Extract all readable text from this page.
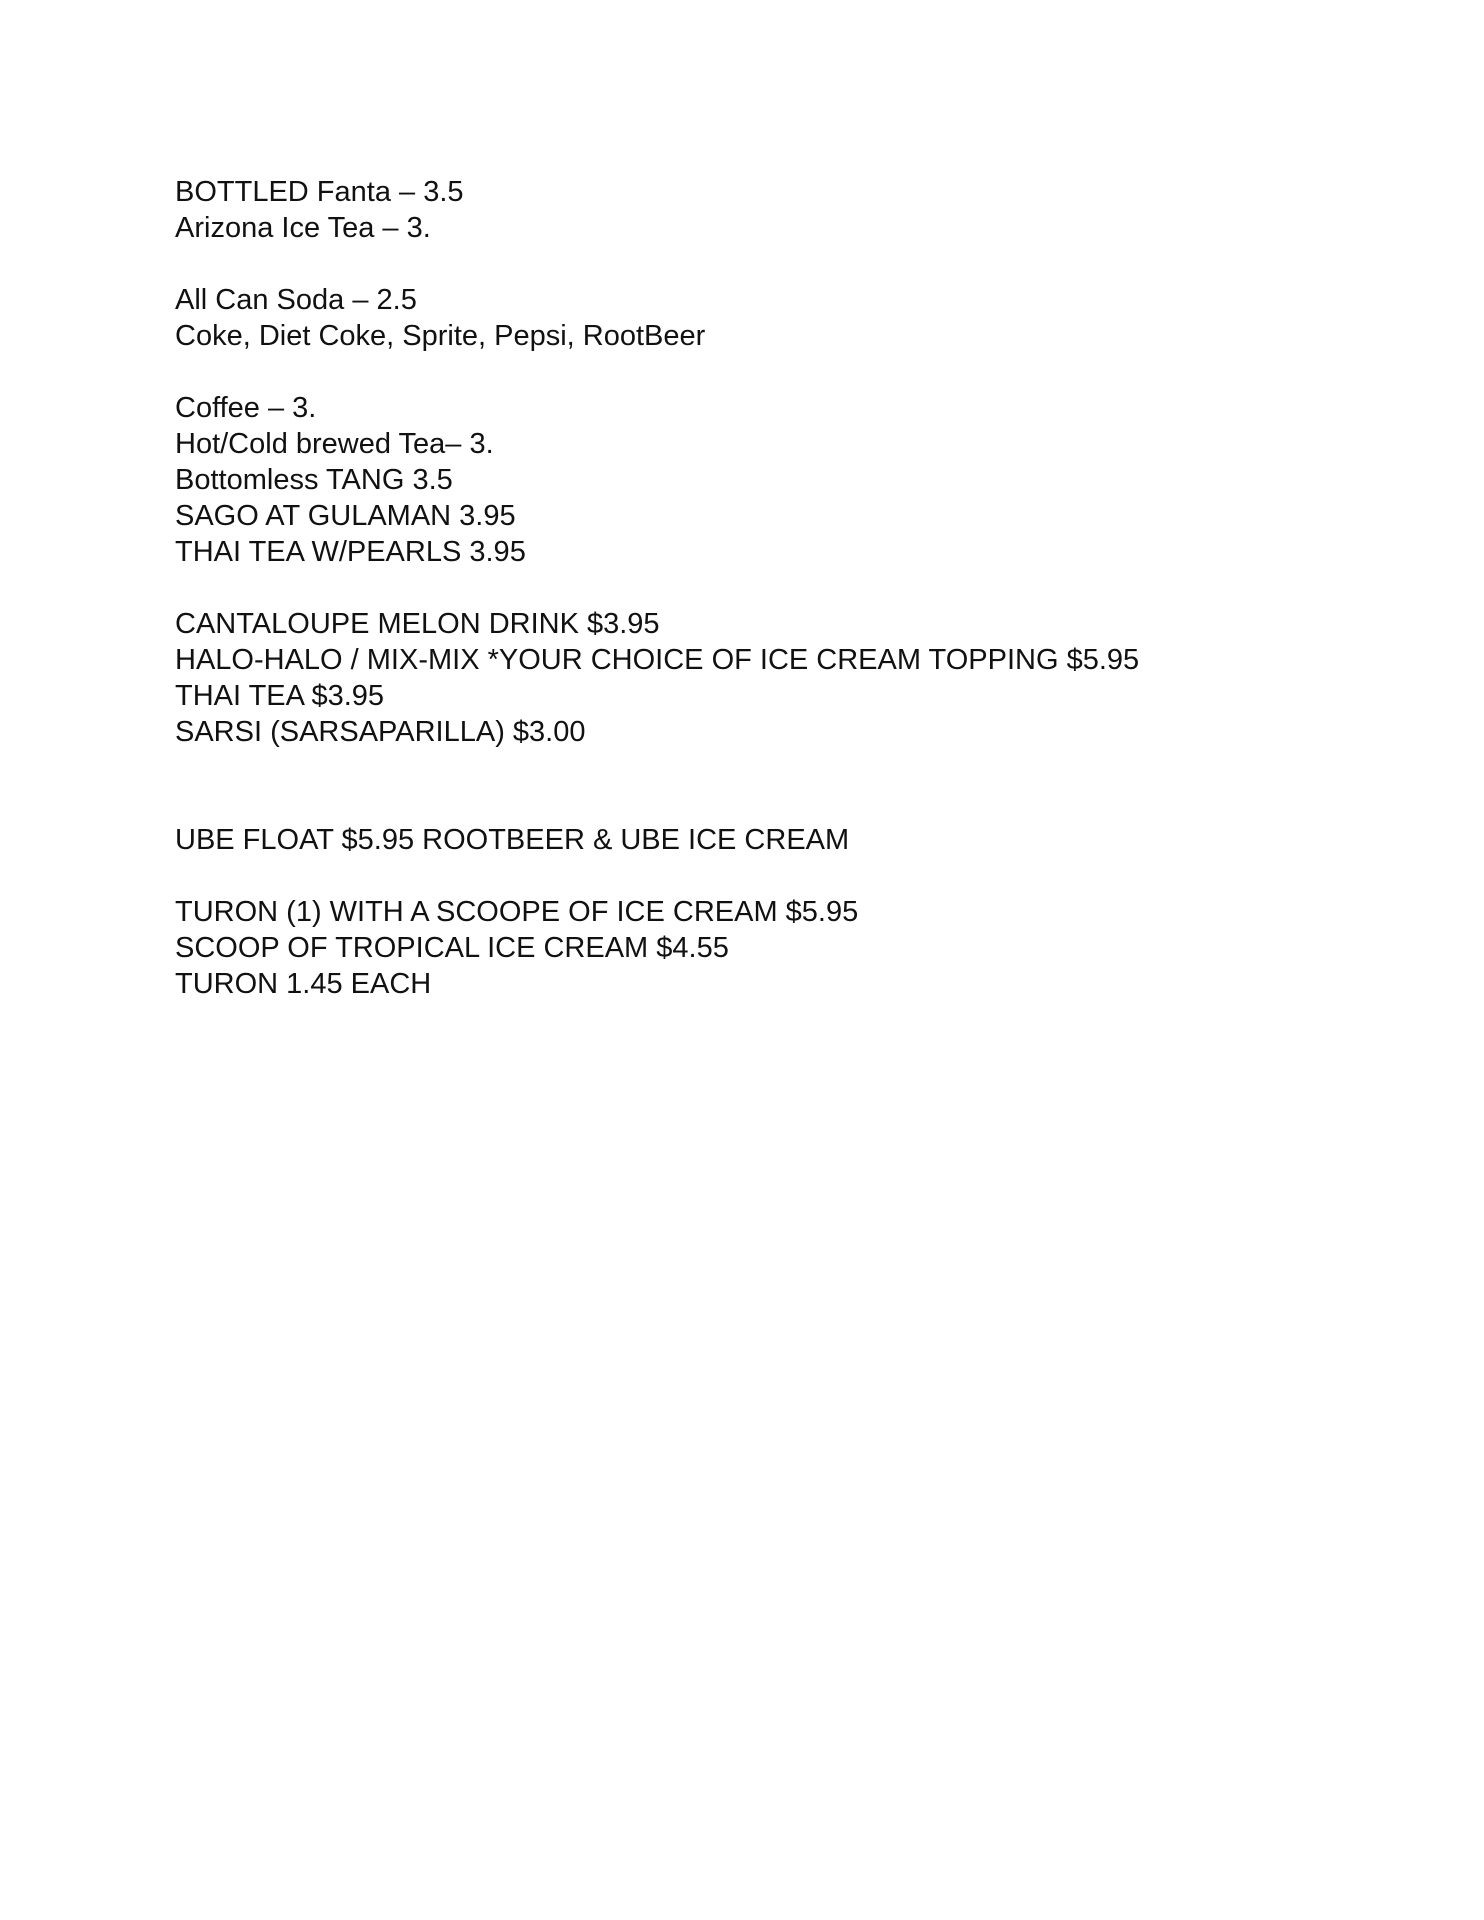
BOTTLED Fanta – 3.5
Arizona Ice Tea – 3.
All Can Soda – 2.5
Coke, Diet Coke, Sprite, Pepsi, RootBeer
Coffee – 3.
Hot/Cold brewed Tea– 3.
Bottomless TANG 3.5
SAGO AT GULAMAN 3.95
THAI TEA W/PEARLS 3.95
CANTALOUPE MELON DRINK $3.95
HALO-HALO / MIX-MIX *YOUR CHOICE OF ICE CREAM TOPPING $5.95
THAI TEA $3.95
SARSI (SARSAPARILLA) $3.00
UBE FLOAT $5.95 ROOTBEER & UBE ICE CREAM
TURON (1) WITH A SCOOPE OF ICE CREAM $5.95
SCOOP OF TROPICAL ICE CREAM $4.55
TURON 1.45 EACH
